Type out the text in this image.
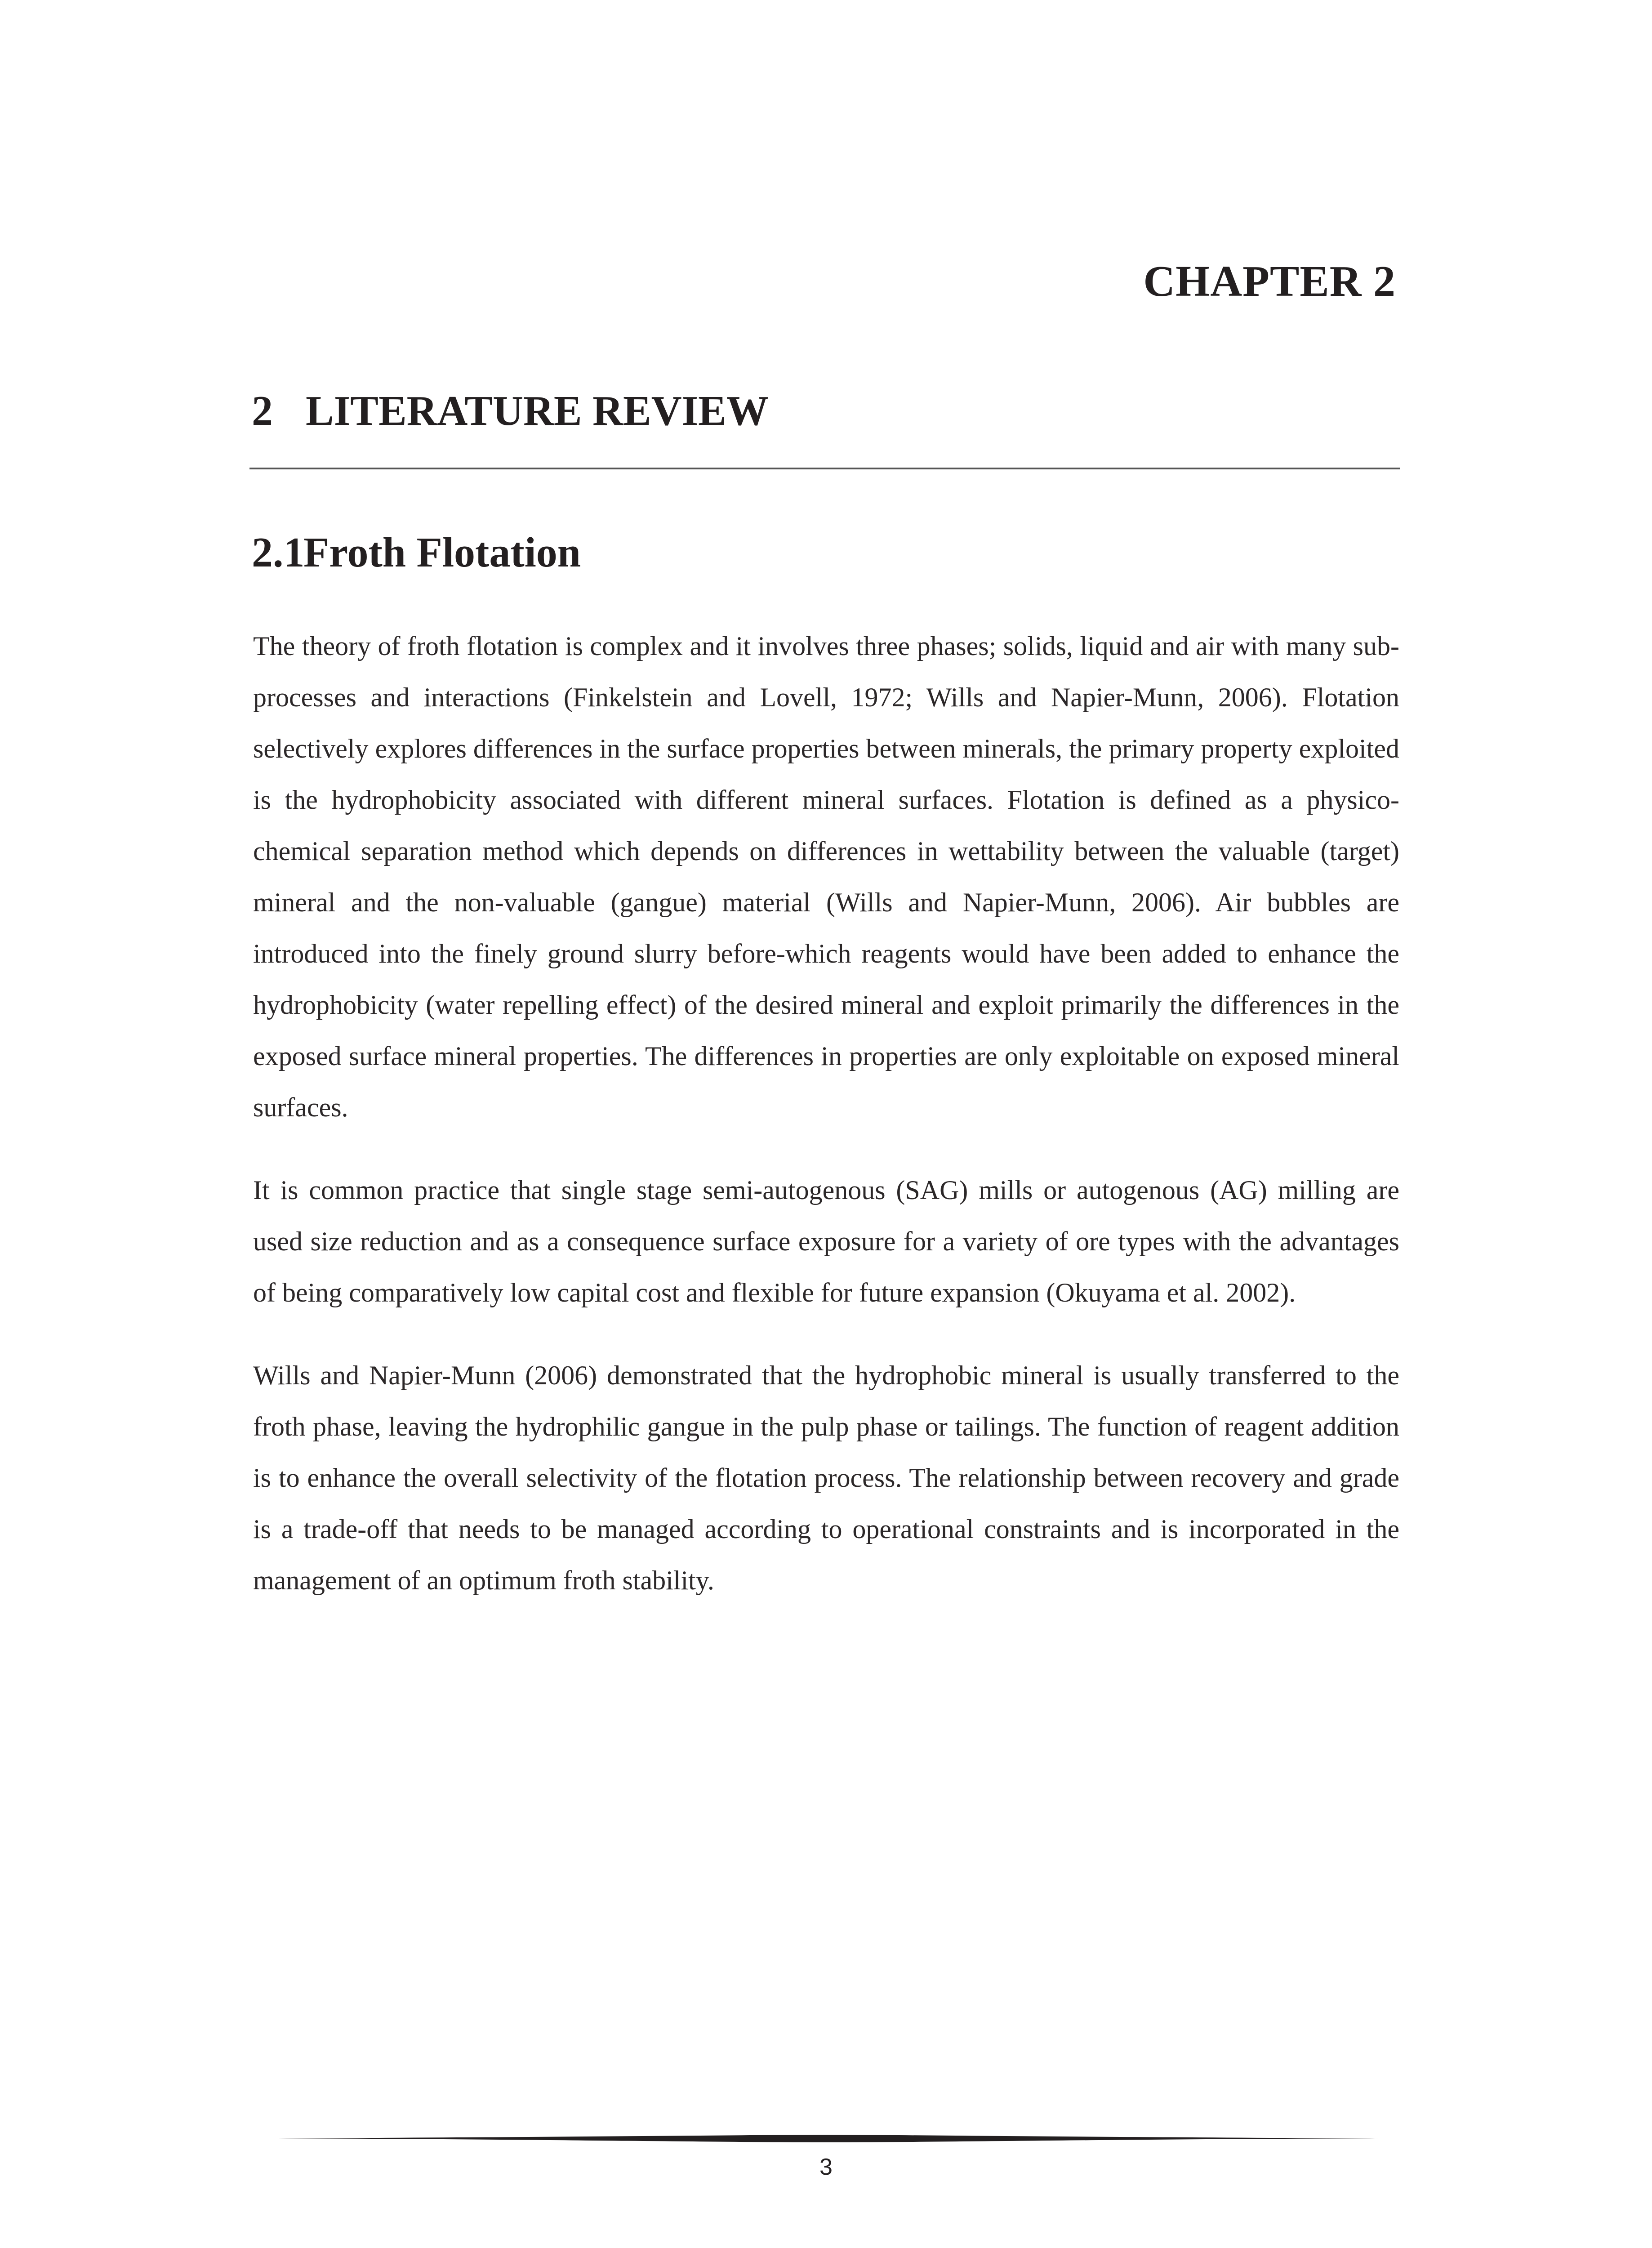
CHAPTER 2
2 LITERATURE REVIEW
2.1Froth Flotation

The theory of froth flotation is complex and it involves three phases; solids, liquid and air with many sub-processes and interactions (Finkelstein and Lovell, 1972; Wills and Napier-Munn, 2006). Flotation selectively explores differences in the surface properties between minerals, the primary property exploited is the hydrophobicity associated with different mineral surfaces. Flotation is defined as a physico-chemical separation method which depends on differences in wettability between the valuable (target) mineral and the non-valuable (gangue) material (Wills and Napier-Munn, 2006). Air bubbles are introduced into the finely ground slurry before-which reagents would have been added to enhance the hydrophobicity (water repelling effect) of the desired mineral and exploit primarily the differences in the exposed surface mineral properties. The differences in properties are only exploitable on exposed mineral surfaces.

It is common practice that single stage semi-autogenous (SAG) mills or autogenous (AG) milling are used size reduction and as a consequence surface exposure for a variety of ore types with the advantages of being comparatively low capital cost and flexible for future expansion (Okuyama et al. 2002).

Wills and Napier-Munn (2006) demonstrated that the hydrophobic mineral is usually transferred to the froth phase, leaving the hydrophilic gangue in the pulp phase or tailings. The function of reagent addition is to enhance the overall selectivity of the flotation process. The relationship between recovery and grade is a trade-off that needs to be managed according to operational constraints and is incorporated in the management of an optimum froth stability.

3
